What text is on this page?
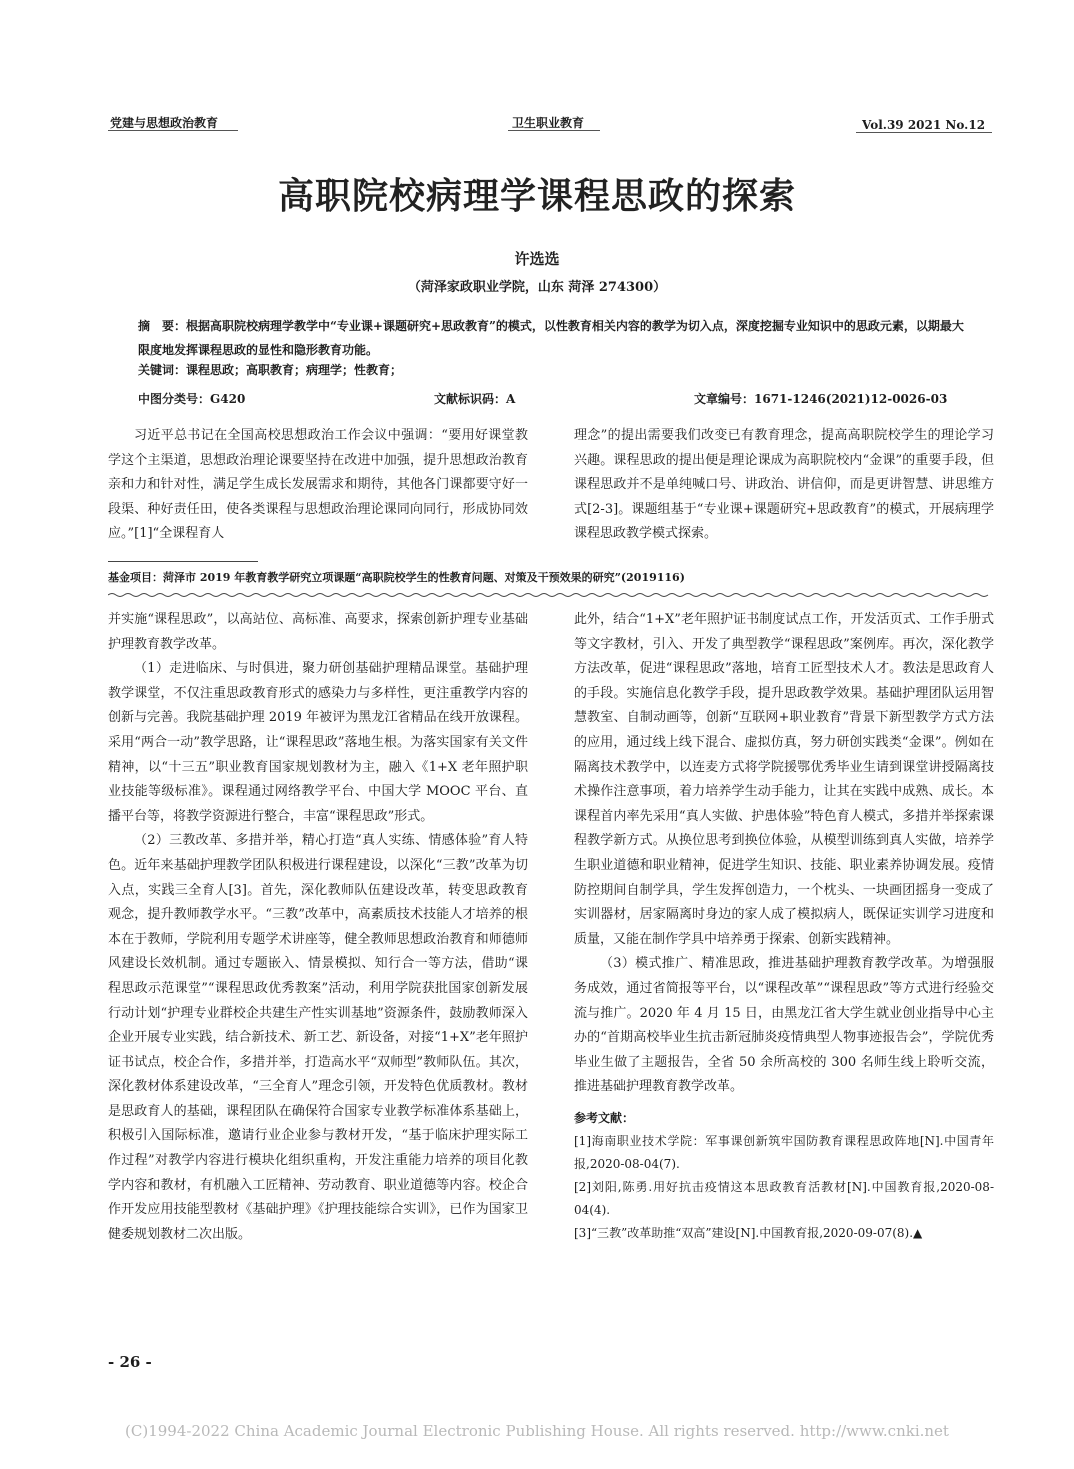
党建与思想政治教育	卫生职业教育	Vol.39 2021 No.12
高职院校病理学课程思政的探索
许选选
（菏泽家政职业学院，山东 菏泽 274300）
摘　要：根据高职院校病理学教学中“专业课+课题研究+思政教育”的模式，以性教育相关内容的教学为切入点，深度挖掘专业知识中的思政元素，以期最大限度地发挥课程思政的显性和隐形教育功能。
关键词：课程思政；高职教育；病理学；性教育；
中图分类号：G420	文献标识码：A	文章编号：1671-1246(2021)12-0026-03

习近平总书记在全国高校思想政治工作会议中强调：“要用好课堂教学这个主渠道，思想政治理论课要坚持在改进中加强，提升思想政治教育亲和力和针对性，满足学生成长发展需求和期待，其他各门课都要守好一段渠、种好责任田，使各类课程与思想政治理论课同向同行，形成协同效应。”[1]“全课程育人

理念”的提出需要我们改变已有教育理念，提高高职院校学生的理论学习兴趣。课程思政的提出便是理论课成为高职院校内“金课”的重要手段，但课程思政并不是单纯喊口号、讲政治、讲信仰，而是更讲智慧、讲思维方式[2-3]。课题组基于“专业课+课题研究+思政教育”的模式，开展病理学课程思政教学模式探索。

基金项目：菏泽市 2019 年教育教学研究立项课题“高职院校学生的性教育问题、对策及干预效果的研究”(2019116)

并实施“课程思政”，以高站位、高标准、高要求，探索创新护理专业基础护理教育教学改革。

（1）走进临床、与时俱进，聚力研创基础护理精品课堂。基础护理教学课堂，不仅注重思政教育形式的感染力与多样性，更注重教学内容的创新与完善。我院基础护理 2019 年被评为黑龙江省精品在线开放课程。采用“两合一动”教学思路，让“课程思政”落地生根。为落实国家有关文件精神，以“十三五”职业教育国家规划教材为主，融入《1+X 老年照护职业技能等级标准》。课程通过网络教学平台、中国大学 MOOC 平台、直播平台等，将教学资源进行整合，丰富“课程思政”形式。

（2）三教改革、多措并举，精心打造“真人实练、情感体验”育人特色。近年来基础护理教学团队积极进行课程建设，以深化“三教”改革为切入点，实践三全育人[3]。首先，深化教师队伍建设改革，转变思政教育观念，提升教师教学水平。“三教”改革中，高素质技术技能人才培养的根本在于教师，学院利用专题学术讲座等，健全教师思想政治教育和师德师风建设长效机制。通过专题嵌入、情景模拟、知行合一等方法，借助“课程思政示范课堂”“课程思政优秀教案”活动，利用学院获批国家创新发展行动计划“护理专业群校企共建生产性实训基地”资源条件，鼓励教师深入企业开展专业实践，结合新技术、新工艺、新设备，对接“1+X”老年照护证书试点，校企合作，多措并举，打造高水平“双师型”教师队伍。其次，深化教材体系建设改革，“三全育人”理念引领，开发特色优质教材。教材是思政育人的基础，课程团队在确保符合国家专业教学标准体系基础上，积极引入国际标准，邀请行业企业参与教材开发，“基于临床护理实际工作过程”对教学内容进行模块化组织重构，开发注重能力培养的项目化教学内容和教材，有机融入工匠精神、劳动教育、职业道德等内容。校企合作开发应用技能型教材《基础护理》《护理技能综合实训》，已作为国家卫健委规划教材二次出版。

此外，结合“1+X”老年照护证书制度试点工作，开发活页式、工作手册式等文字教材，引入、开发了典型教学“课程思政”案例库。再次，深化教学方法改革，促进“课程思政”落地，培育工匠型技术人才。教法是思政育人的手段。实施信息化教学手段，提升思政教学效果。基础护理团队运用智慧教室、自制动画等，创新“互联网+职业教育”背景下新型教学方式方法的应用，通过线上线下混合、虚拟仿真，努力研创实践类“金课”。例如在隔离技术教学中，以连麦方式将学院援鄂优秀毕业生请到课堂讲授隔离技术操作注意事项，着力培养学生动手能力，让其在实践中成熟、成长。本课程首内率先采用“真人实做、护患体验”特色育人模式，多措并举探索课程教学新方式。从换位思考到换位体验，从模型训练到真人实做，培养学生职业道德和职业精神，促进学生知识、技能、职业素养协调发展。疫情防控期间自制学具，学生发挥创造力，一个枕头、一块画团摇身一变成了实训器材，居家隔离时身边的家人成了模拟病人，既保证实训学习进度和质量，又能在制作学具中培养勇于探索、创新实践精神。

（3）模式推广、精准思政，推进基础护理教育教学改革。为增强服务成效，通过省简报等平台，以“课程改革”“课程思政”等方式进行经验交流与推广。2020 年 4 月 15 日，由黑龙江省大学生就业创业指导中心主办的“首期高校毕业生抗击新冠肺炎疫情典型人物事迹报告会”，学院优秀毕业生做了主题报告，全省 50 余所高校的 300 名师生线上聆听交流，推进基础护理教育教学改革。

参考文献：
[1]海南职业技术学院：军事课创新筑牢国防教育课程思政阵地[N].中国青年报,2020-08-04(7).
[2]刘阳,陈勇.用好抗击疫情这本思政教育活教材[N].中国教育报,2020-08-04(4).
[3]“三教”改革助推“双高”建设[N].中国教育报,2020-09-07(8).▲
- 26 -
(C)1994-2022 China Academic Journal Electronic Publishing House. All rights reserved. http://www.cnki.net
